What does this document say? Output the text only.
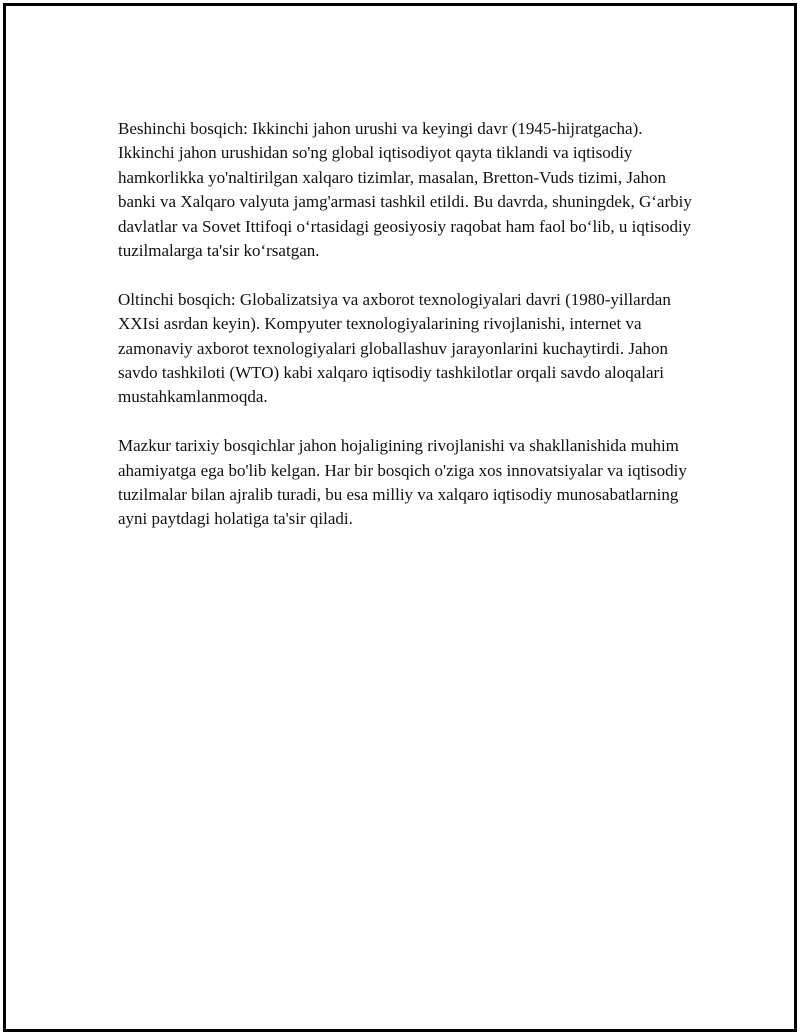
Beshinchi bosqich: Ikkinchi jahon urushi va keyingi davr (1945-hijratgacha). Ikkinchi jahon urushidan so'ng global iqtisodiyot qayta tiklandi va iqtisodiy hamkorlikka yo'naltirilgan xalqaro tizimlar, masalan, Bretton-Vuds tizimi, Jahon banki va Xalqaro valyuta jamg'armasi tashkil etildi. Bu davrda, shuningdek, G‘arbiy davlatlar va Sovet Ittifoqi o‘rtasidagi geosiyosiy raqobat ham faol bo‘lib, u iqtisodiy tuzilmalarga ta'sir ko‘rsatgan.

Oltinchi bosqich: Globalizatsiya va axborot texnologiyalari davri (1980-yillardan XXIsi asrdan keyin). Kompyuter texnologiyalarining rivojlanishi, internet va zamonaviy axborot texnologiyalari globallashuv jarayonlarini kuchaytirdi. Jahon savdo tashkiloti (WTO) kabi xalqaro iqtisodiy tashkilotlar orqali savdo aloqalari mustahkamlanmoqda.

Mazkur tarixiy bosqichlar jahon hojaligining rivojlanishi va shakllanishida muhim ahamiyatga ega bo'lib kelgan. Har bir bosqich o'ziga xos innovatsiyalar va iqtisodiy tuzilmalar bilan ajralib turadi, bu esa milliy va xalqaro iqtisodiy munosabatlarning ayni paytdagi holatiga ta'sir qiladi.
